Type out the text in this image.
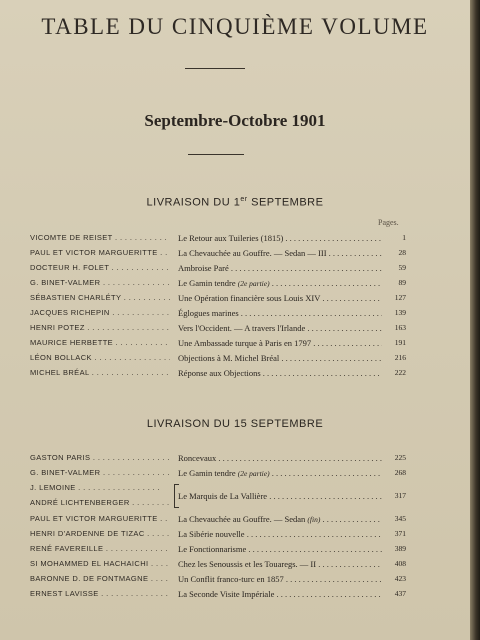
TABLE DU CINQUIÈME VOLUME
Septembre-Octobre 1901
LIVRAISON DU 1er SEPTEMBRE
Pages.
VICOMTE DE REISET . . .	Le Retour aux Tuileries (1815) . . .	1
PAUL ET VICTOR MARGUERITTE . . .	La Chevauchée au Gouffre. — Sedan — III . . .	28
DOCTEUR H. FOLET . . .	Ambroise Paré . . .	59
G. BINET-VALMER . . .	Le Gamin tendre (2e partie) . . .	89
SÉBASTIEN CHARLÉTY . . .	Une Opération financière sous Louis XIV . . .	127
JACQUES RICHEPIN . . .	Églogues marines . . .	139
HENRI POTEZ . . .	Vers l'Occident. — A travers l'Irlande . . .	163
MAURICE HERBETTE . . .	Une Ambassade turque à Paris en 1797 . . .	191
LÉON BOLLACK . . .	Objections à M. Michel Bréal . . .	216
MICHEL BRÉAL . . .	Réponse aux Objections . . .	222
LIVRAISON DU 15 SEPTEMBRE
GASTON PARIS . . .	Roncevaux . . .	225
G. BINET-VALMER . . .	Le Gamin tendre (2e partie) . . .	268
J. LEMOINE . . .
ANDRÉ LICHTENBERGER . . .
Le Marquis de La Vallière . . .	317
PAUL ET VICTOR MARGUERITTE . . .	La Chevauchée au Gouffre. — Sedan (fin) . . .	345
HENRI D'ARDENNE DE TIZAC . . .	La Sibérie nouvelle . . .	371
RENÉ FAVEREILLE . . .	Le Fonctionnarisme . . .	389
SI MOHAMMED EL HACHAICHI . . .	Chez les Senoussis et les Touaregs. — II . . .	408
BARONNE D. DE FONTMAGNE . . .	Un Conflit franco-turc en 1857 . . .	423
ERNEST LAVISSE . . .	La Seconde Visite Impériale . . .	437
